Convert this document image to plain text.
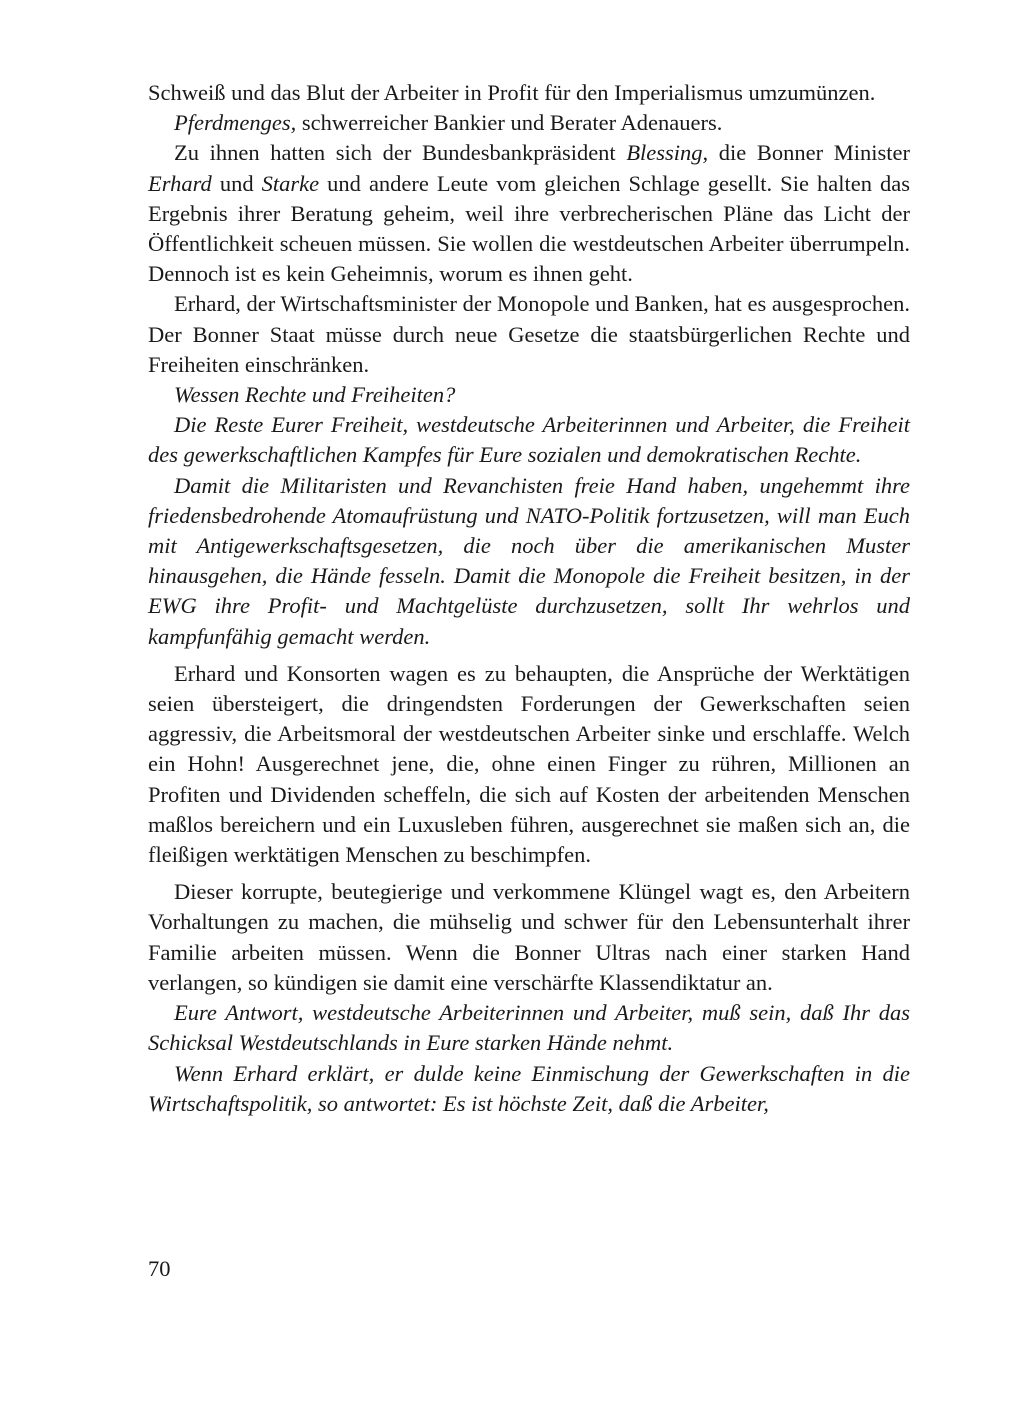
Schweiß und das Blut der Arbeiter in Profit für den Imperialismus umzumünzen.

Pferdmenges, schwerreicher Bankier und Berater Adenauers.

Zu ihnen hatten sich der Bundesbankpräsident Blessing, die Bonner Minister Erhard und Starke und andere Leute vom gleichen Schlage gesellt. Sie halten das Ergebnis ihrer Beratung geheim, weil ihre verbrecherischen Pläne das Licht der Öffentlichkeit scheuen müssen. Sie wollen die westdeutschen Arbeiter überrumpeln. Dennoch ist es kein Geheimnis, worum es ihnen geht.

Erhard, der Wirtschaftsminister der Monopole und Banken, hat es ausgesprochen. Der Bonner Staat müsse durch neue Gesetze die staatsbürgerlichen Rechte und Freiheiten einschränken.

Wessen Rechte und Freiheiten?

Die Reste Eurer Freiheit, westdeutsche Arbeiterinnen und Arbeiter, die Freiheit des gewerkschaftlichen Kampfes für Eure sozialen und demokratischen Rechte.

Damit die Militaristen und Revanchisten freie Hand haben, ungehemmt ihre friedensbedrohende Atomaufrüstung und NATO-Politik fortzusetzen, will man Euch mit Antigewerkschaftsgesetzen, die noch über die amerikanischen Muster hinausgehen, die Hände fesseln. Damit die Monopole die Freiheit besitzen, in der EWG ihre Profit- und Machtgelüste durchzusetzen, sollt Ihr wehrlos und kampfunfähig gemacht werden.

Erhard und Konsorten wagen es zu behaupten, die Ansprüche der Werktätigen seien übersteigert, die dringendsten Forderungen der Gewerkschaften seien aggressiv, die Arbeitsmoral der westdeutschen Arbeiter sinke und erschlaffe. Welch ein Hohn! Ausgerechnet jene, die, ohne einen Finger zu rühren, Millionen an Profiten und Dividenden scheffeln, die sich auf Kosten der arbeitenden Menschen maßlos bereichern und ein Luxusleben führen, ausgerechnet sie maßen sich an, die fleißigen werktätigen Menschen zu beschimpfen.

Dieser korrupte, beutegierige und verkommene Klüngel wagt es, den Arbeitern Vorhaltungen zu machen, die mühselig und schwer für den Lebensunterhalt ihrer Familie arbeiten müssen. Wenn die Bonner Ultras nach einer starken Hand verlangen, so kündigen sie damit eine verschärfte Klassendiktatur an.

Eure Antwort, westdeutsche Arbeiterinnen und Arbeiter, muß sein, daß Ihr das Schicksal Westdeutschlands in Eure starken Hände nehmt.

Wenn Erhard erklärt, er dulde keine Einmischung der Gewerkschaften in die Wirtschaftspolitik, so antwortet: Es ist höchste Zeit, daß die Arbeiter,

70
